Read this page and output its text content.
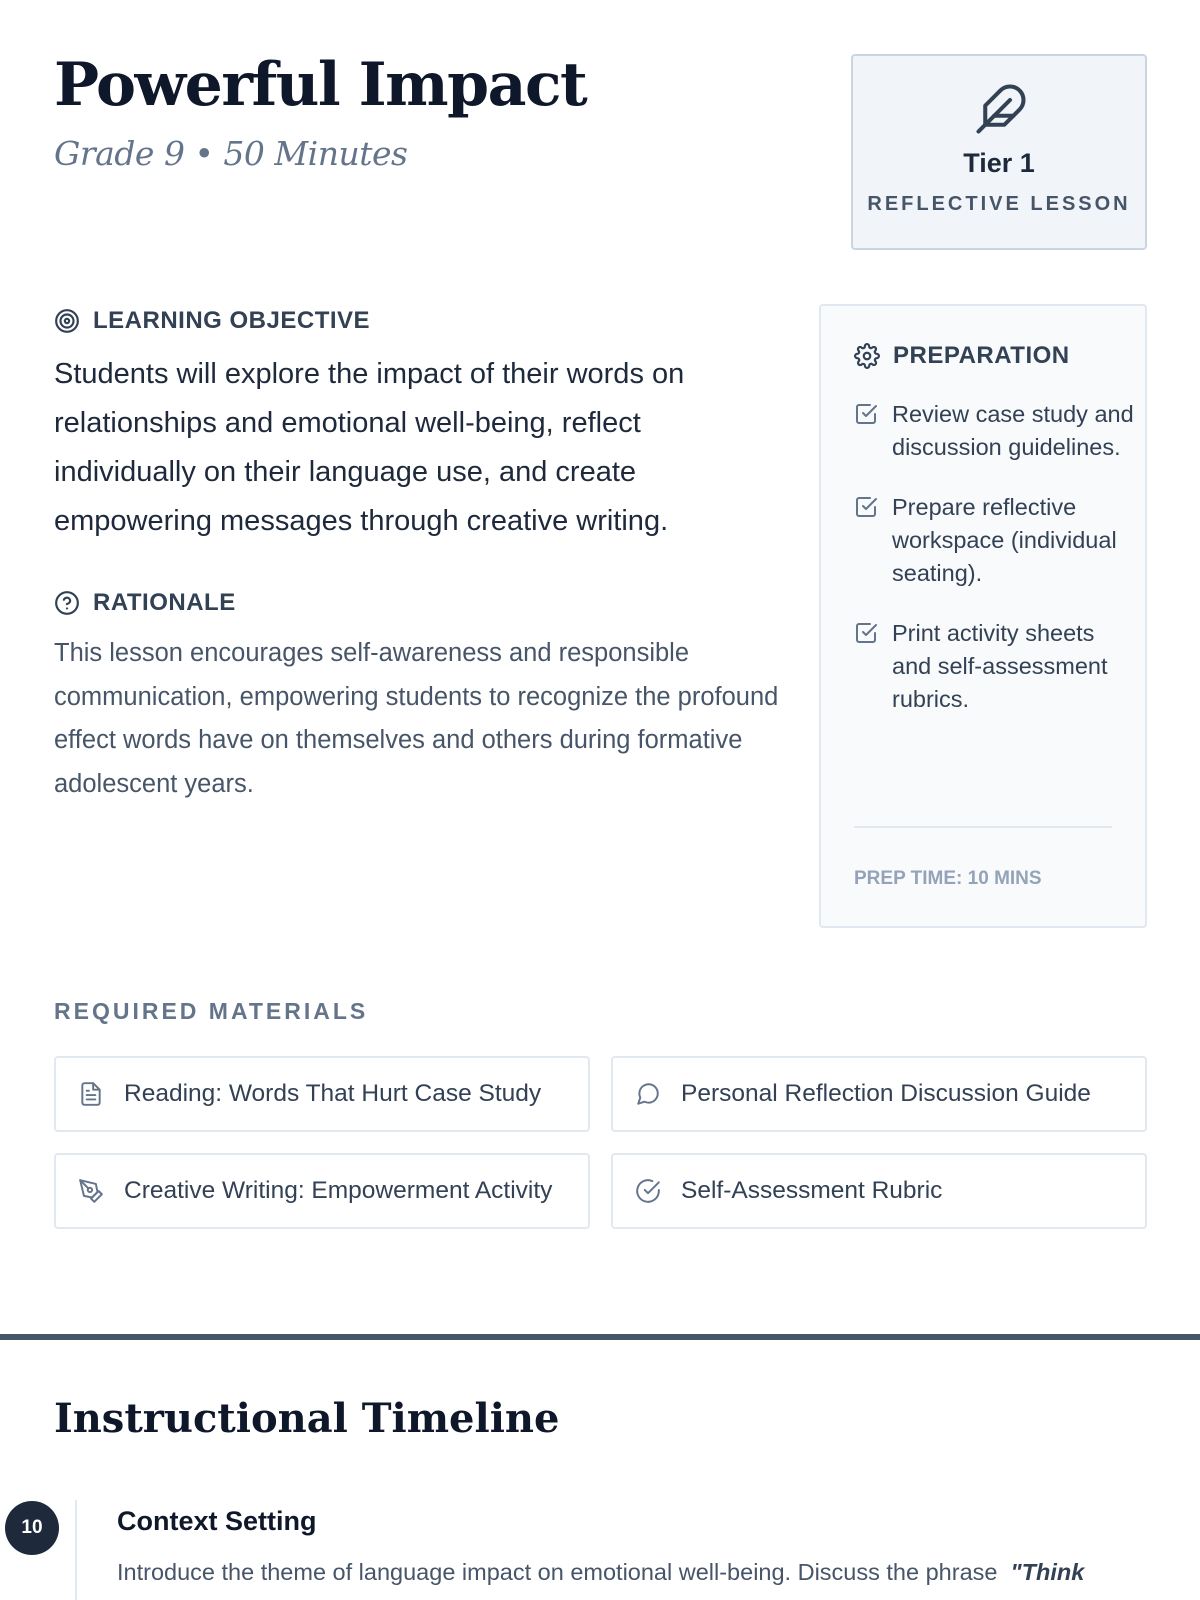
Powerful Impact
Grade 9 • 50 Minutes	Tier 1
REFLECTIVE LESSON
LEARNING OBJECTIVE

Students will explore the impact of their words on relationships and emotional well-being, reflect individually on their language use, and create empowering messages through creative writing.

RATIONALE

This lesson encourages self-awareness and responsible communication, empowering students to recognize the profound effect words have on themselves and others during formative adolescent years.

PREPARATION
Review case study and discussion guidelines.
Prepare reflective workspace (individual seating).
Print activity sheets and self-assessment rubrics.
PREP TIME: 10 MINS
REQUIRED MATERIALS
Reading: Words That Hurt Case Study	Personal Reflection Discussion Guide
Creative Writing: Empowerment Activity	Self-Assessment Rubric
Instructional Timeline
10	Context Setting
Introduce the theme of language impact on emotional well-being. Discuss the phrase "Think
